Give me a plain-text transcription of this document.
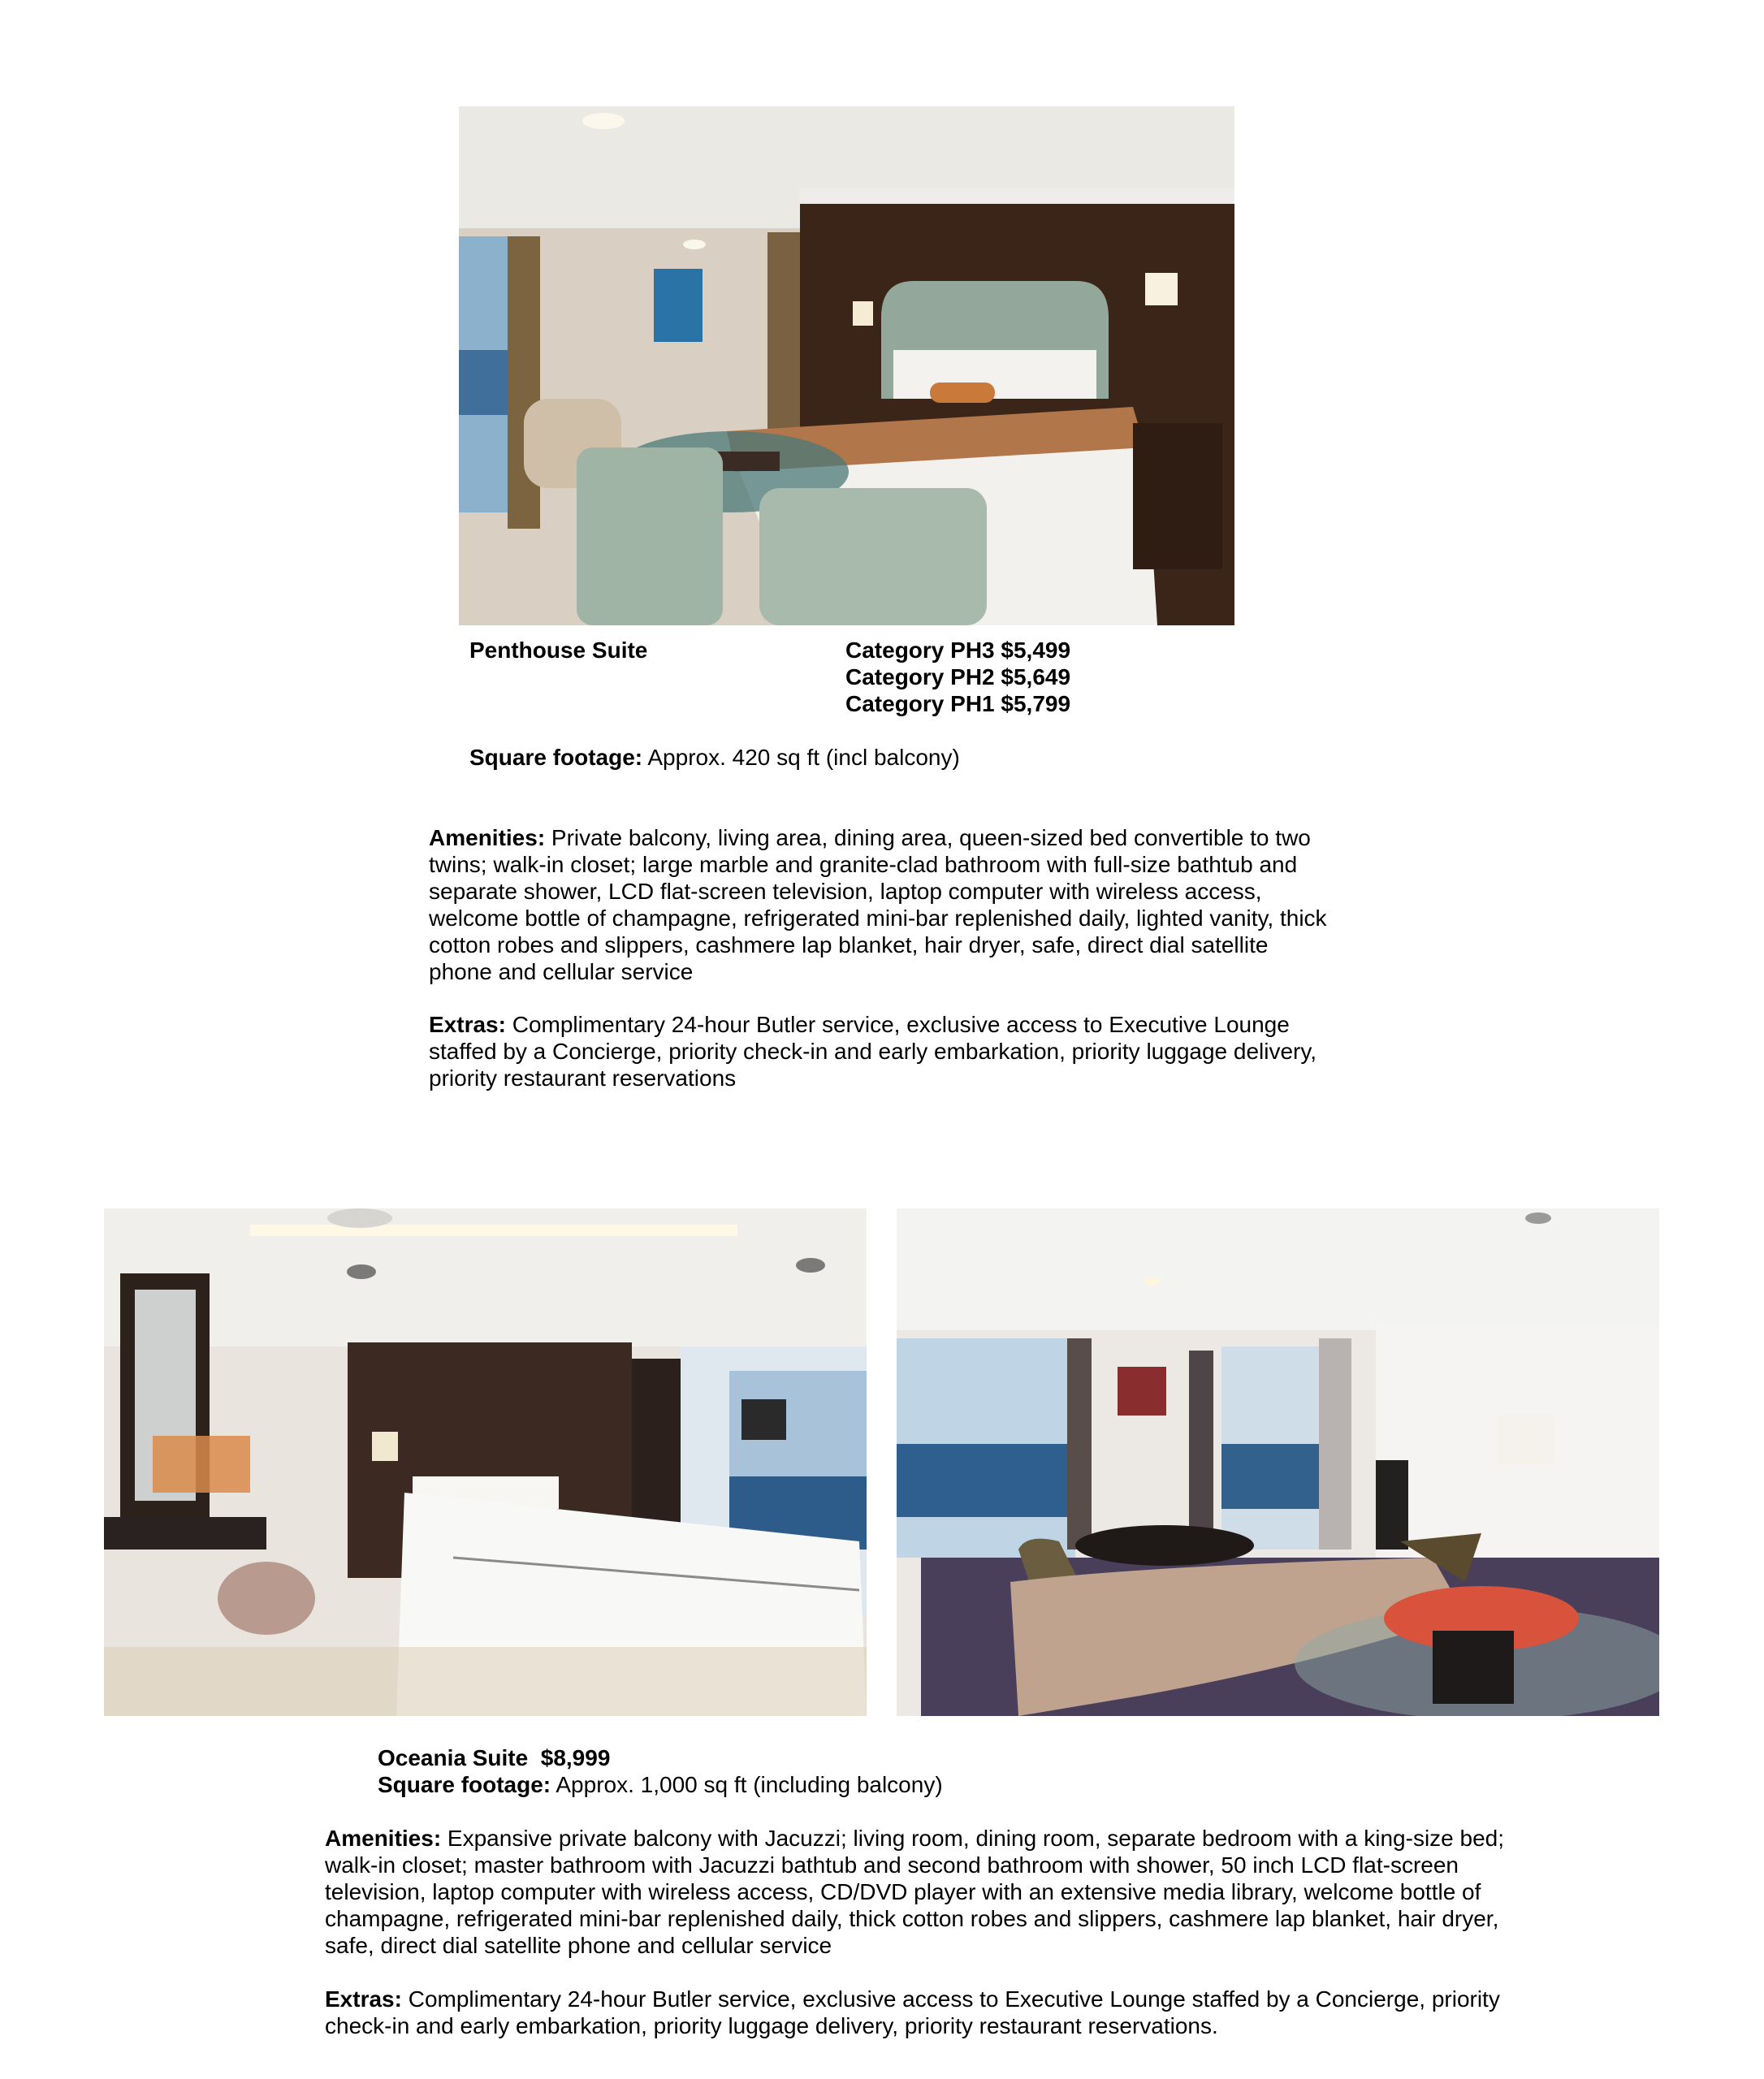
Penthouse Suite	Category PH3 $5,499
Category PH2 $5,649
Category PH1 $5,799
Square footage: Approx. 420 sq ft (incl balcony)
Amenities: Private balcony, living area, dining area, queen-sized bed convertible to two twins; walk-in closet; large marble and granite-clad bathroom with full-size bathtub and separate shower, LCD flat-screen television, laptop computer with wireless access, welcome bottle of champagne, refrigerated mini-bar replenished daily, lighted vanity, thick cotton robes and slippers, cashmere lap blanket, hair dryer, safe, direct dial satellite phone and cellular service
Extras: Complimentary 24-hour Butler service, exclusive access to Executive Lounge staffed by a Concierge, priority check-in and early embarkation, priority luggage delivery, priority restaurant reservations
Oceania Suite  $8,999
Square footage: Approx. 1,000 sq ft (including balcony)
Amenities: Expansive private balcony with Jacuzzi; living room, dining room, separate bedroom with a king-size bed; walk-in closet; master bathroom with Jacuzzi bathtub and second bathroom with shower, 50 inch LCD flat-screen television, laptop computer with wireless access, CD/DVD player with an extensive media library, welcome bottle of champagne, refrigerated mini-bar replenished daily, thick cotton robes and slippers, cashmere lap blanket, hair dryer, safe, direct dial satellite phone and cellular service
Extras: Complimentary 24-hour Butler service, exclusive access to Executive Lounge staffed by a Concierge, priority check-in and early embarkation, priority luggage delivery, priority restaurant reservations.
